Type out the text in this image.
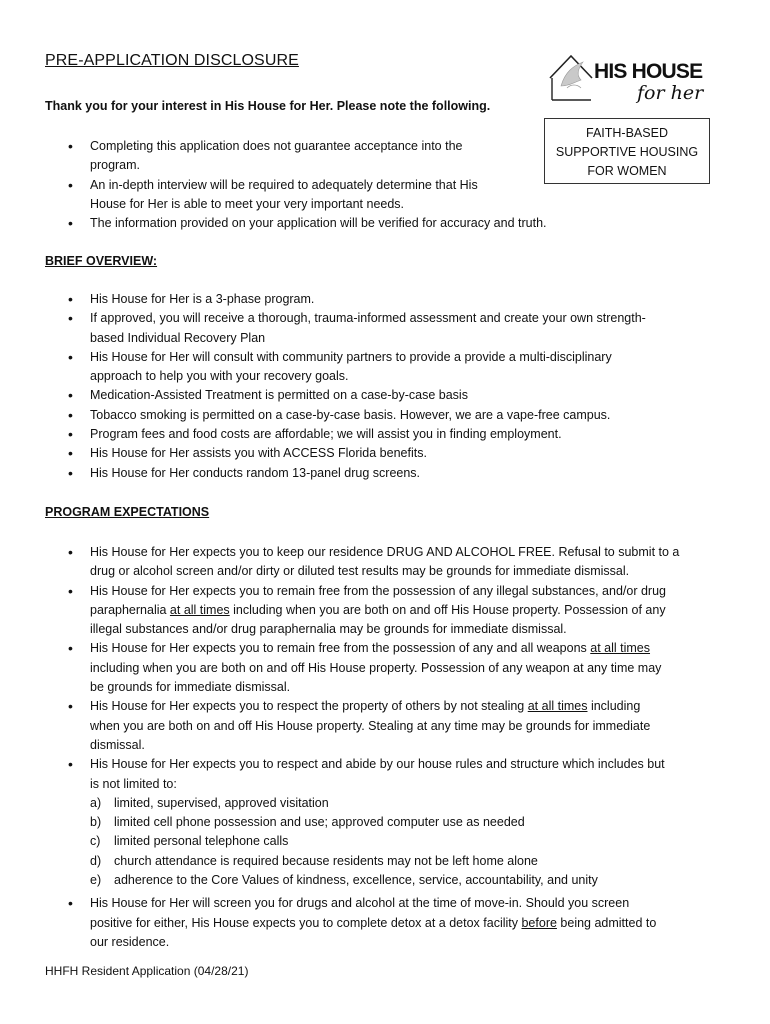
PRE-APPLICATION DISCLOSURE
Thank you for your interest in His House for Her. Please note the following.
HIS HOUSE
for her
FAITH-BASED
SUPPORTIVE HOUSING
FOR WOMEN
• Completing this application does not guarantee acceptance into the
program.
• An in-depth interview will be required to adequately determine that His
House for Her is able to meet your very important needs.
• The information provided on your application will be verified for accuracy and truth.
BRIEF OVERVIEW:
• His House for Her is a 3-phase program.
• If approved, you will receive a thorough, trauma-informed assessment and create your own strength-
based Individual Recovery Plan
• His House for Her will consult with community partners to provide a provide a multi-disciplinary
approach to help you with your recovery goals.
• Medication-Assisted Treatment is permitted on a case-by-case basis
• Tobacco smoking is permitted on a case-by-case basis. However, we are a vape-free campus.
• Program fees and food costs are affordable; we will assist you in finding employment.
• His House for Her assists you with ACCESS Florida benefits.
• His House for Her conducts random 13-panel drug screens.
PROGRAM EXPECTATIONS
• His House for Her expects you to keep our residence DRUG AND ALCOHOL FREE. Refusal to submit to a
drug or alcohol screen and/or dirty or diluted test results may be grounds for immediate dismissal.
• His House for Her expects you to remain free from the possession of any illegal substances, and/or drug
paraphernalia at all times including when you are both on and off His House property. Possession of any
illegal substances and/or drug paraphernalia may be grounds for immediate dismissal.
• His House for Her expects you to remain free from the possession of any and all weapons at all times
including when you are both on and off His House property. Possession of any weapon at any time may
be grounds for immediate dismissal.
• His House for Her expects you to respect the property of others by not stealing at all times including
when you are both on and off His House property. Stealing at any time may be grounds for immediate
dismissal.
• His House for Her expects you to respect and abide by our house rules and structure which includes but
is not limited to:
a) limited, supervised, approved visitation
b) limited cell phone possession and use; approved computer use as needed
c) limited personal telephone calls
d) church attendance is required because residents may not be left home alone
e) adherence to the Core Values of kindness, excellence, service, accountability, and unity
• His House for Her will screen you for drugs and alcohol at the time of move-in. Should you screen
positive for either, His House expects you to complete detox at a detox facility before being admitted to
our residence.
HHFH Resident Application (04/28/21)
